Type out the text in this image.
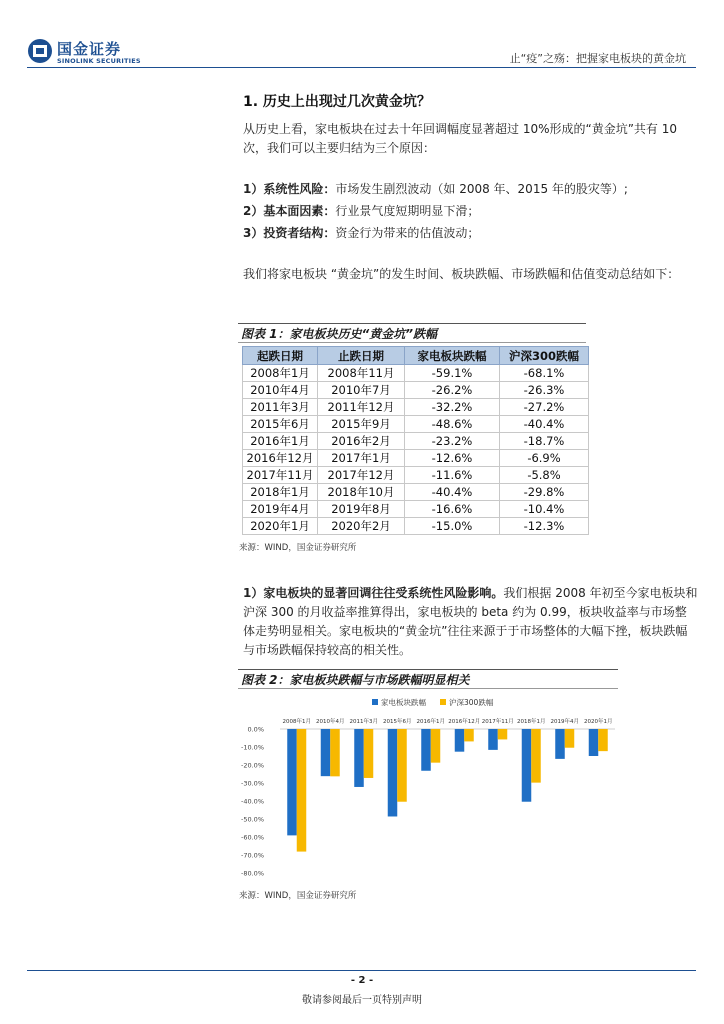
国金证券
SINOLINK SECURITIES	止“疫”之殇：把握家电板块的黄金坑
1. 历史上出现过几次黄金坑？
从历史上看，家电板块在过去十年回调幅度显著超过 10%形成的“黄金坑”共有 10次，我们可以主要归结为三个原因：
1）系统性风险：市场发生剧烈波动（如 2008 年、2015 年的股灾等）;
2）基本面因素：行业景气度短期明显下滑；
3）投资者结构：资金行为带来的估值波动；
我们将家电板块 “黄金坑”的发生时间、板块跌幅、市场跌幅和估值变动总结如下：
图表 1：家电板块历史“黄金坑”跌幅
起跌日期	止跌日期	家电板块跌幅	沪深300跌幅
2008年1月	2008年11月	-59.1%	-68.1%
2010年4月	2010年7月	-26.2%	-26.3%
2011年3月	2011年12月	-32.2%	-27.2%
2015年6月	2015年9月	-48.6%	-40.4%
2016年1月	2016年2月	-23.2%	-18.7%
2016年12月	2017年1月	-12.6%	-6.9%
2017年11月	2017年12月	-11.6%	-5.8%
2018年1月	2018年10月	-40.4%	-29.8%
2019年4月	2019年8月	-16.6%	-10.4%
2020年1月	2020年2月	-15.0%	-12.3%
来源：WIND，国金证券研究所
1）家电板块的显著回调往往受系统性风险影响。我们根据 2008 年初至今家电板块和沪深 300 的月收益率推算得出，家电板块的 beta 约为 0.99，板块收益率与市场整体走势明显相关。家电板块的“黄金坑”往往来源于于市场整体的大幅下挫，板块跌幅与市场跌幅保持较高的相关性。
图表 2：家电板块跌幅与市场跌幅明显相关
家电板块跌幅	沪深300跌幅
0.0%
-10.0%
-20.0%
-30.0%
-40.0%
-50.0%
-60.0%
-70.0%
-80.0%
2008年1月 2010年4月 2011年3月 2015年6月 2016年1月 2016年12月 2017年11月 2018年1月 2019年4月 2020年1月
来源：WIND，国金证券研究所
- 2 -
敬请参阅最后一页特别声明
